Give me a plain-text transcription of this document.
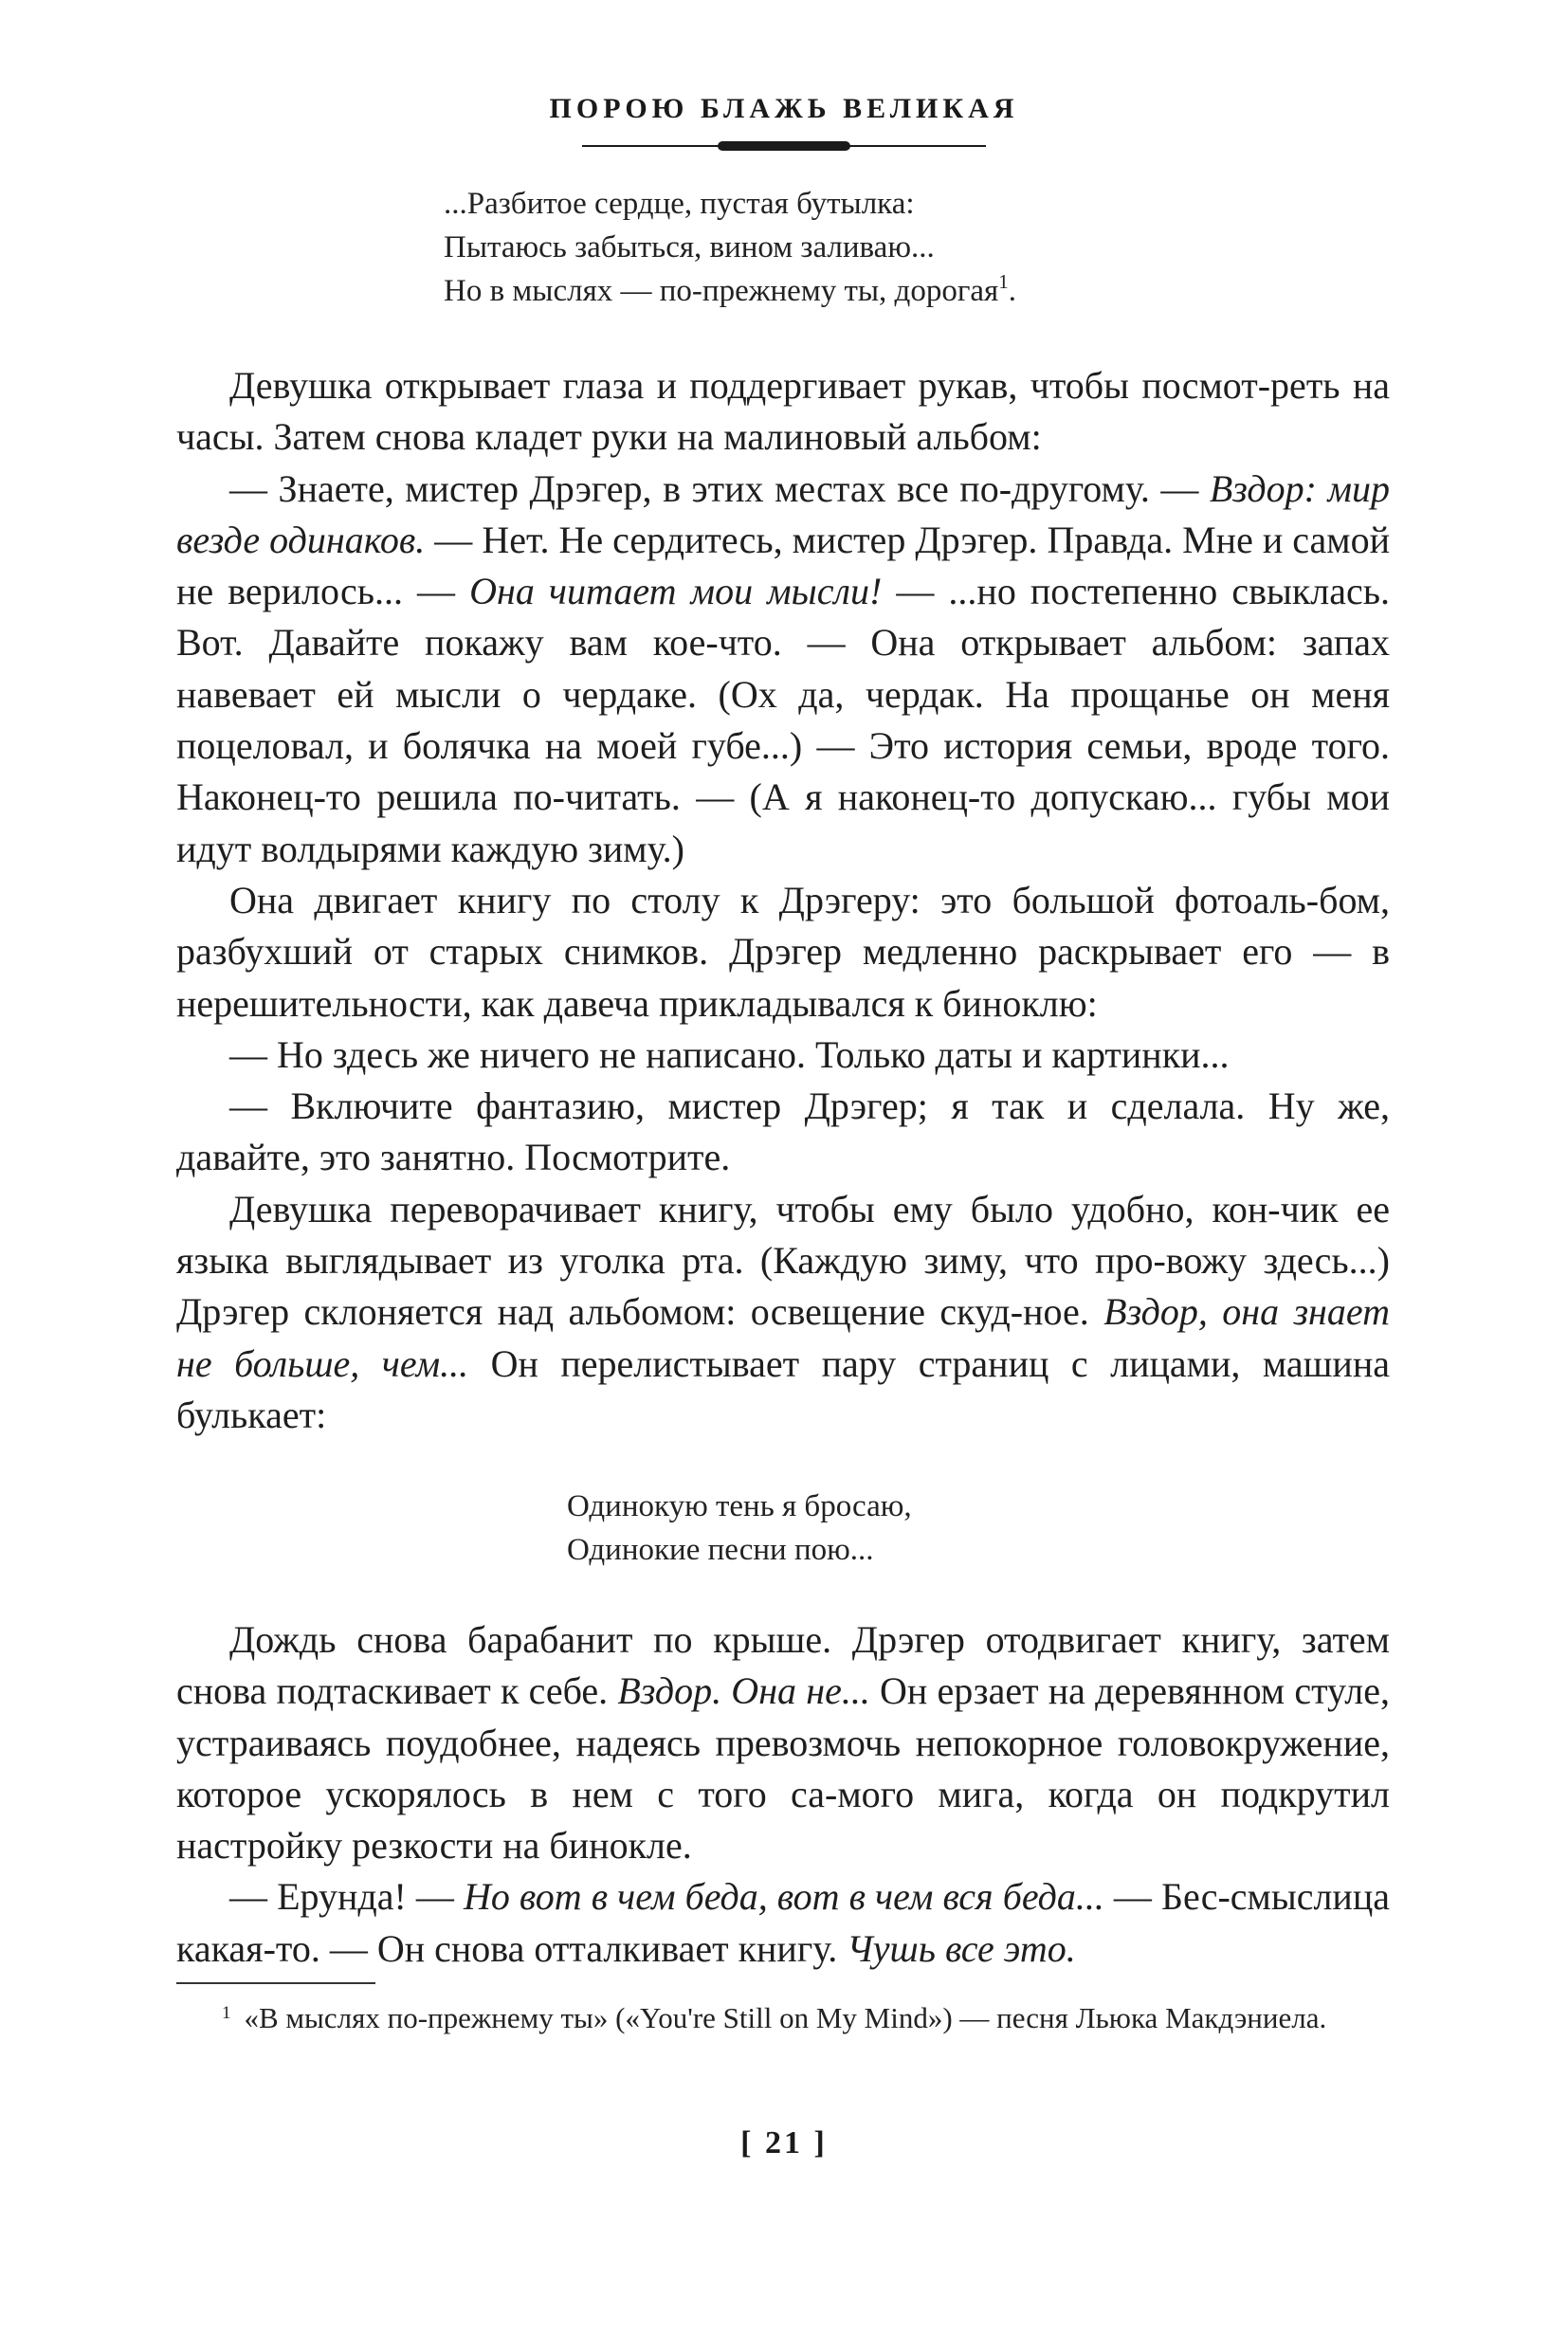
ПОРОЮ БЛАЖЬ ВЕЛИКАЯ
...Разбитое сердце, пустая бутылка:
Пытаюсь забыться, вином заливаю...
Но в мыслях — по-прежнему ты, дорогая$^1$.

Девушка открывает глаза и поддергивает рукав, чтобы посмот-реть на часы. Затем снова кладет руки на малиновый альбом:

— Знаете, мистер Дрэгер, в этих местах все по-другому. — Вздор: мир везде одинаков. — Нет. Не сердитесь, мистер Дрэгер. Правда. Мне и самой не верилось... — Она читает мои мысли! — ...но постепенно свыклась. Вот. Давайте покажу вам кое-что. — Она открывает альбом: запах навевает ей мысли о чердаке. (Ох да, чердак. На прощанье он меня поцеловал, и болячка на моей губе...) — Это история семьи, вроде того. Наконец-то решила по-читать. — (А я наконец-то допускаю... губы мои идут волдырями каждую зиму.)

Она двигает книгу по столу к Дрэгеру: это большой фотоаль-бом, разбухший от старых снимков. Дрэгер медленно раскрывает его — в нерешительности, как давеча прикладывался к биноклю:

— Но здесь же ничего не написано. Только даты и картинки...

— Включите фантазию, мистер Дрэгер; я так и сделала. Ну же, давайте, это занятно. Посмотрите.

Девушка переворачивает книгу, чтобы ему было удобно, кон-чик ее языка выглядывает из уголка рта. (Каждую зиму, что про-вожу здесь...) Дрэгер склоняется над альбомом: освещение скуд-ное. Вздор, она знает не больше, чем... Он перелистывает пару страниц с лицами, машина булькает:

Одинокую тень я бросаю,
Одинокие песни пою...

Дождь снова барабанит по крыше. Дрэгер отодвигает книгу, затем снова подтаскивает к себе. Вздор. Она не... Он ерзает на деревянном стуле, устраиваясь поудобнее, надеясь превозмочь непокорное головокружение, которое ускорялось в нем с того са-мого мига, когда он подкрутил настройку резкости на бинокле.

— Ерунда! — Но вот в чем беда, вот в чем вся беда... — Бес-смыслица какая-то. — Он снова отталкивает книгу. Чушь все это.

$^1$ «В мыслях по-прежнему ты» («You're Still on My Mind») — песня Льюка Макдэниела.

[ 21 ]
